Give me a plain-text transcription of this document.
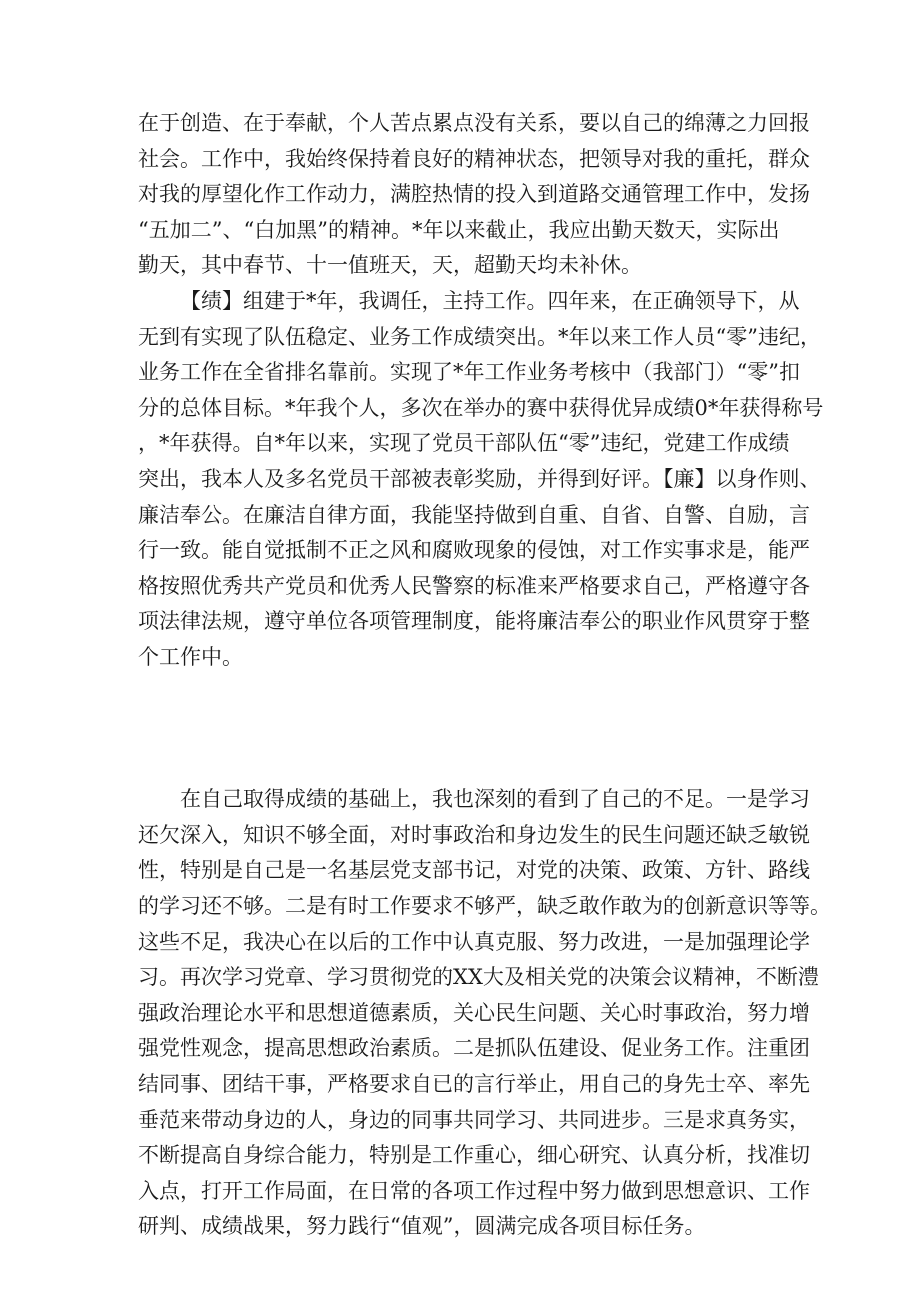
在于创造、在于奉献，个人苦点累点没有关系，要以自己的绵薄之力回报
社会。工作中，我始终保持着良好的精神状态，把领导对我的重托，群众
对我的厚望化作工作动力，满腔热情的投入到道路交通管理工作中，发扬
“五加二”、“白加黑”的精神。*年以来截止，我应出勤天数天，实际出
勤天，其中春节、十一值班天，天，超勤天均未补休。
【绩】组建于*年，我调任，主持工作。四年来，在正确领导下，从
无到有实现了队伍稳定、业务工作成绩突出。*年以来工作人员“零”违纪，
业务工作在全省排名靠前。实现了*年工作业务考核中（我部门）“零”扣
分的总体目标。*年我个人，多次在举办的赛中获得优异成绩0*年获得称号
，*年获得。自*年以来，实现了党员干部队伍“零”违纪，党建工作成绩
突出，我本人及多名党员干部被表彰奖励，并得到好评。【廉】以身作则、
廉洁奉公。在廉洁自律方面，我能坚持做到自重、自省、自警、自励，言
行一致。能自觉抵制不正之风和腐败现象的侵蚀，对工作实事求是，能严
格按照优秀共产党员和优秀人民警察的标准来严格要求自己，严格遵守各
项法律法规，遵守单位各项管理制度，能将廉洁奉公的职业作风贯穿于整
个工作中。
在自己取得成绩的基础上，我也深刻的看到了自己的不足。一是学习
还欠深入，知识不够全面，对时事政治和身边发生的民生问题还缺乏敏锐
性，特别是自己是一名基层党支部书记，对党的决策、政策、方针、路线
的学习还不够。二是有时工作要求不够严，缺乏敢作敢为的创新意识等等。
这些不足，我决心在以后的工作中认真克服、努力改进，一是加强理论学
习。再次学习党章、学习贯彻党的XX大及相关党的决策会议精神，不断澧
强政治理论水平和思想道德素质，关心民生问题、关心时事政治，努力增
强党性观念，提高思想政治素质。二是抓队伍建设、促业务工作。注重团
结同事、团结干事，严格要求自已的言行举止，用自己的身先士卒、率先
垂范来带动身边的人，身边的同事共同学习、共同进步。三是求真务实，
不断提高自身综合能力，特别是工作重心，细心研究、认真分析，找准切
入点，打开工作局面，在日常的各项工作过程中努力做到思想意识、工作
研判、成绩战果，努力践行“值观”，圆满完成各项目标任务。
